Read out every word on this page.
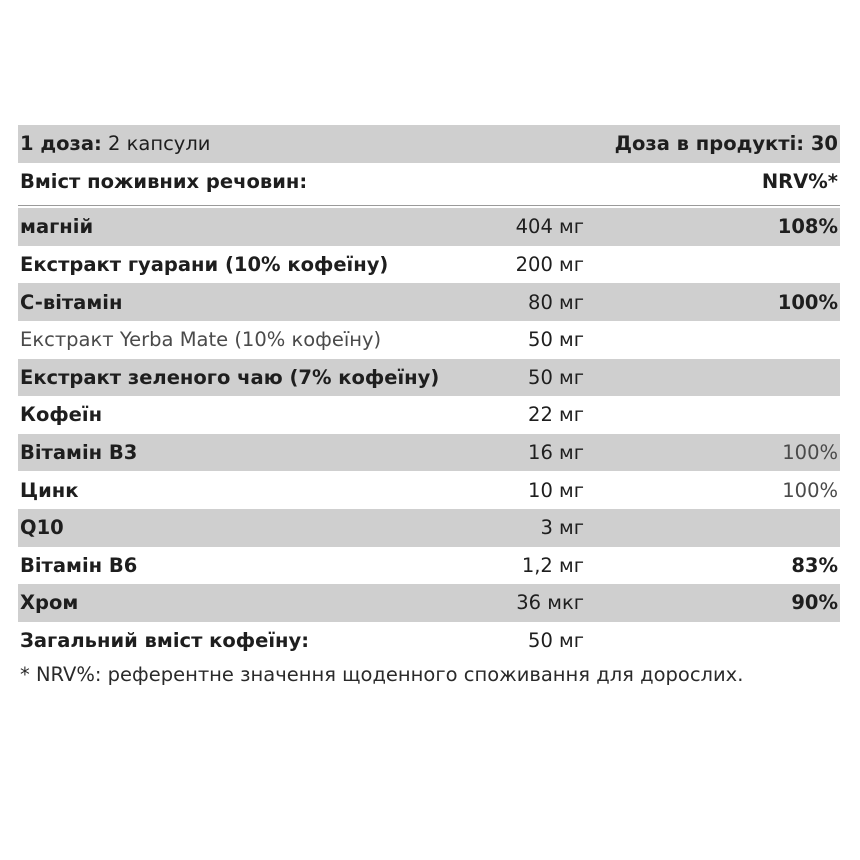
1 доза: 2 капсули	Доза в продукті: 30
Вміст поживних речовин:	NRV%*
магній	404 мг	108%
Екстракт гуарани (10% кофеїну)	200 мг
C-вітамін	80 мг	100%
Екстракт Yerba Mate (10% кофеїну)	50 мг
Екстракт зеленого чаю (7% кофеїну)	50 мг
Кофеїн	22 мг
Вітамін B3	16 мг	100%
Цинк	10 мг	100%
Q10	3 мг
Вітамін B6	1,2 мг	83%
Хром	36 мкг	90%
Загальний вміст кофеїну:	50 мг
* NRV%: референтне значення щоденного споживання для дорослих.
